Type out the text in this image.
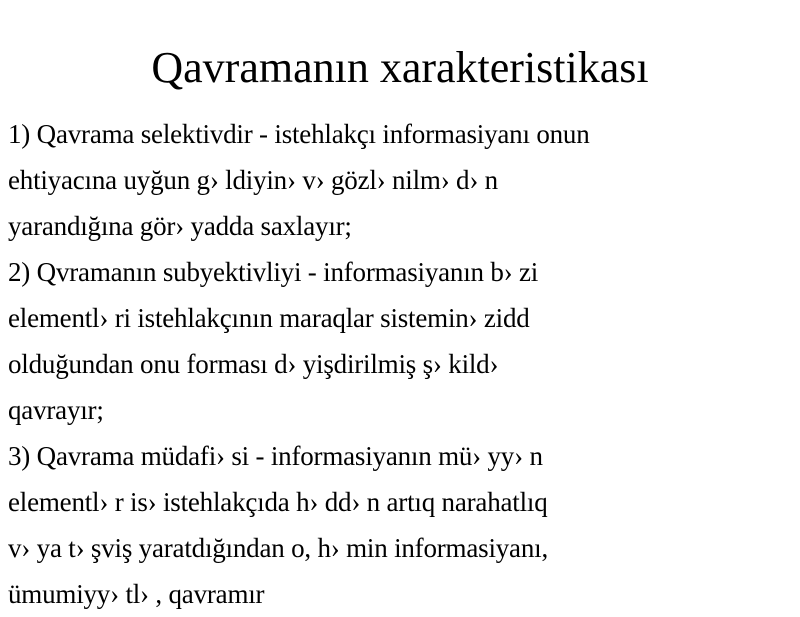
Qavramanın xarakteristikası
1) Qavrama selektivdir - istehlakçı informasiyanı onun
ehtiyacına uyğun g› ldiyin› v› gözl› nilm› d› n
yarandığına gör› yadda saxlayır;
2) Qvramanın subyektivliyi - informasiyanın b› zi
elementl› ri istehlakçının maraqlar sistemin› zidd
olduğundan onu forması d› yişdirilmiş ş› kild›
qavrayır;
3) Qavrama müdafi› si - informasiyanın mü› yy› n
elementl› r is› istehlakçıda h› dd› n artıq narahatlıq
v› ya t› şviş yaratdığından o, h› min informasiyanı,
ümumiyy› tl› , qavramır
